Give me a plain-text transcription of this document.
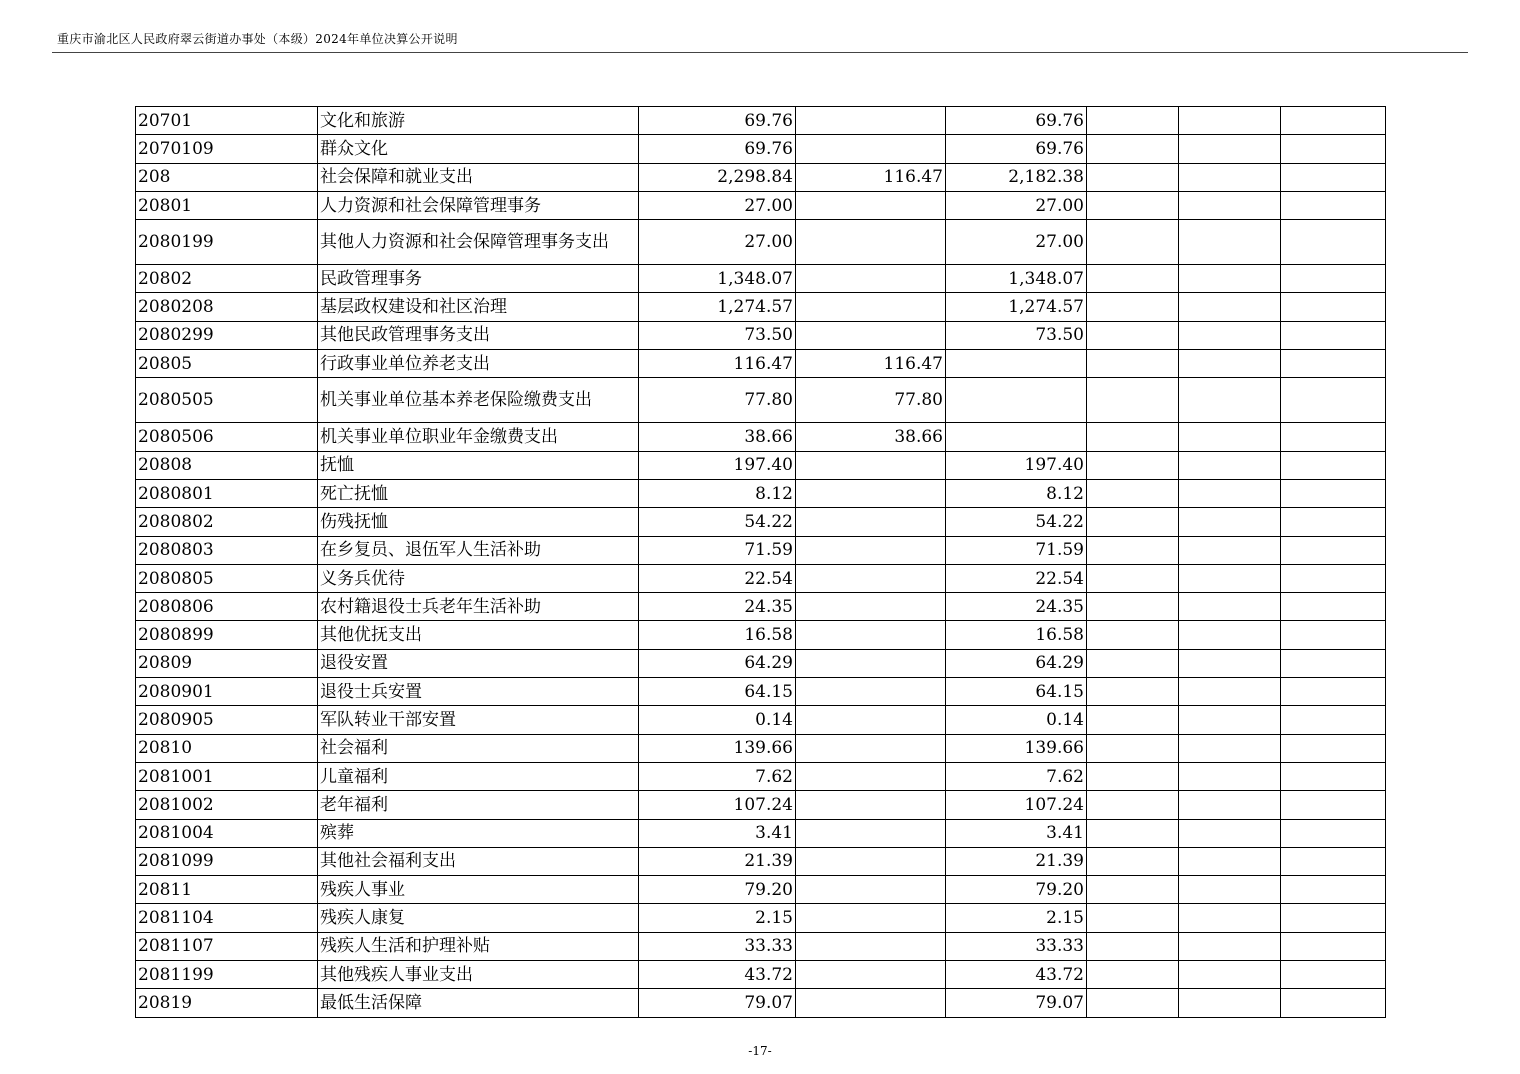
重庆市渝北区人民政府翠云街道办事处（本级）2024年单位决算公开说明
20701	文化和旅游	69.76		69.76			
2070109	群众文化	69.76		69.76			
208	社会保障和就业支出	2,298.84	116.47	2,182.38			
20801	人力资源和社会保障管理事务	27.00		27.00			
2080199	其他人力资源和社会保障管理事务支出	27.00		27.00			
20802	民政管理事务	1,348.07		1,348.07			
2080208	基层政权建设和社区治理	1,274.57		1,274.57			
2080299	其他民政管理事务支出	73.50		73.50			
20805	行政事业单位养老支出	116.47	116.47				
2080505	机关事业单位基本养老保险缴费支出	77.80	77.80				
2080506	机关事业单位职业年金缴费支出	38.66	38.66				
20808	抚恤	197.40		197.40			
2080801	死亡抚恤	8.12		8.12			
2080802	伤残抚恤	54.22		54.22			
2080803	在乡复员、退伍军人生活补助	71.59		71.59			
2080805	义务兵优待	22.54		22.54			
2080806	农村籍退役士兵老年生活补助	24.35		24.35			
2080899	其他优抚支出	16.58		16.58			
20809	退役安置	64.29		64.29			
2080901	退役士兵安置	64.15		64.15			
2080905	军队转业干部安置	0.14		0.14			
20810	社会福利	139.66		139.66			
2081001	儿童福利	7.62		7.62			
2081002	老年福利	107.24		107.24			
2081004	殡葬	3.41		3.41			
2081099	其他社会福利支出	21.39		21.39			
20811	残疾人事业	79.20		79.20			
2081104	残疾人康复	2.15		2.15			
2081107	残疾人生活和护理补贴	33.33		33.33			
2081199	其他残疾人事业支出	43.72		43.72			
20819	最低生活保障	79.07		79.07			
-17-
